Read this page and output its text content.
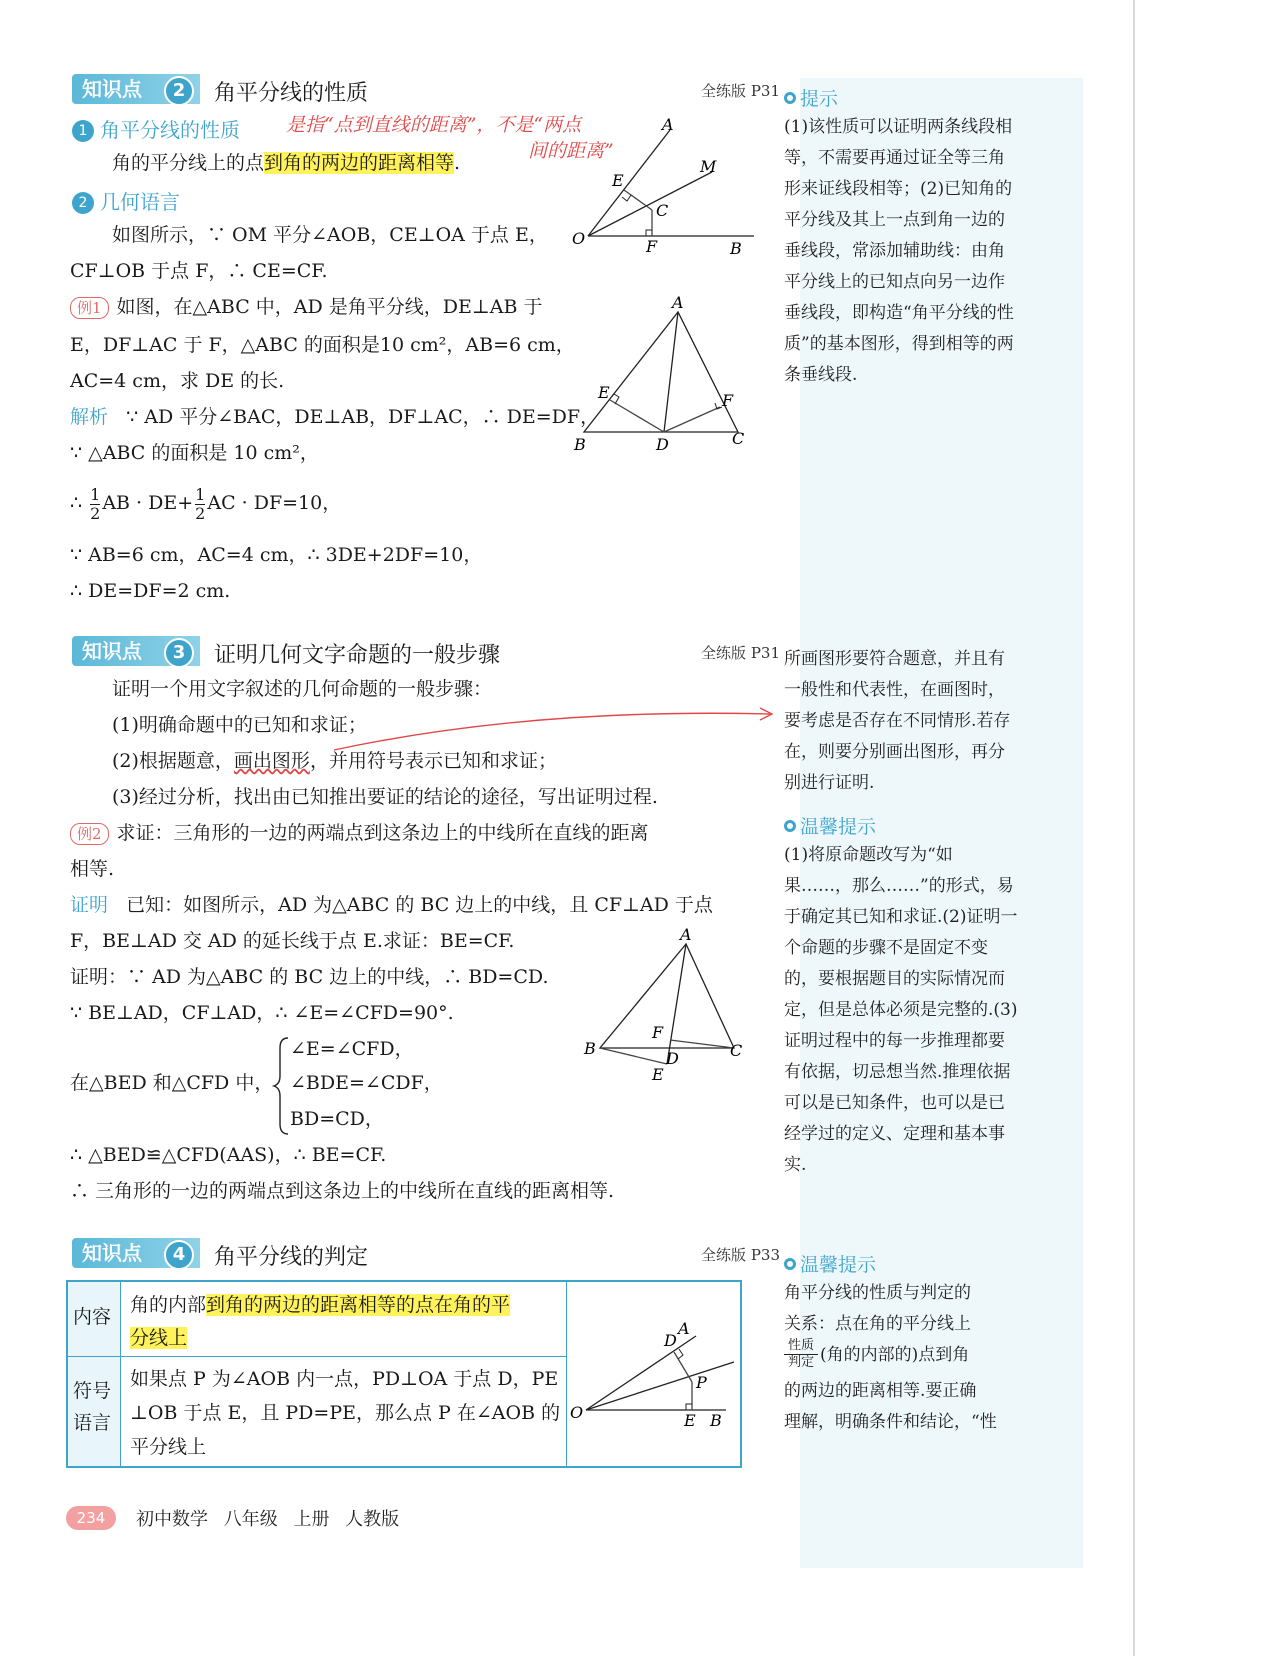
知识点	2	角平分线的性质	全练版 P31
1 角平分线的性质 是指“点到直线的距离”，不是“两点
间的距离”
角的平分线上的点到角的两边的距离相等.
2 几何语言
如图所示，∵ OM 平分∠AOB，CE⊥OA 于点 E，
CF⊥OB 于点 F，∴ CE=CF.
例1 如图，在△ABC 中，AD 是角平分线，DE⊥AB 于
E，DF⊥AC 于 F，△ABC 的面积是10 cm²，AB=6 cm，
AC=4 cm，求 DE 的长.
解析 ∵ AD 平分∠BAC，DE⊥AB，DF⊥AC，∴ DE=DF，
∵ △ABC 的面积是 10 cm²，
∴ $\frac{1}{2}$ AB · $DE+ \frac{1}{2}$ AC · DF=10，
∵ AB=6 cm，AC=4 cm，∴ 3DE+2DF=10，
∴ DE=DF=2 cm.
A
M
E
C
O	F	B
A
E	F
B	D	C
提示
(1)该性质可以证明两条线段相等，不需要再通过证全等三角形来证线段相等；(2)已知角的平分线及其上一点到角一边的垂线段，常添加辅助线：由角平分线上的已知点向另一边作垂线段，即构造“角平分线的性质”的基本图形，得到相等的两条垂线段.
知识点	3	证明几何文字命题的一般步骤	全练版 P31
证明一个用文字叙述的几何命题的一般步骤：
(1)明确命题中的已知和求证；
(2)根据题意，画出图形，并用符号表示已知和求证；
(3)经过分析，找出由已知推出要证的结论的途径，写出证明过程.
例2 求证：三角形的一边的两端点到这条边上的中线所在直线的距离
相等.
证明 已知：如图所示，AD 为△ABC 的 BC 边上的中线，且 CF⊥AD 于点
F，BE⊥AD 交 AD 的延长线于点 E.求证：BE=CF.
证明：∵ AD 为△ABC 的 BC 边上的中线，∴ BD=CD.
∵ BE⊥AD，CF⊥AD，∴ ∠E=∠CFD=90°.
在△BED 和△CFD 中，
∠E=∠CFD，
∠BDE=∠CDF，
BD=CD，
∴ △BED≌△CFD(AAS)，∴ BE=CF.
∴ 三角形的一边的两端点到这条边上的中线所在直线的距离相等.
A
B
F
D	C
E
所画图形要符合题意，并且有一般性和代表性，在画图时，要考虑是否存在不同情形.若存在，则要分别画出图形，再分别进行证明.
温馨提示
(1)将原命题改写为“如果……，那么……”的形式，易于确定其已知和求证.(2)证明一个命题的步骤不是固定不变的，要根据题目的实际情况而定，但是总体必须是完整的.(3)证明过程中的每一步推理都要有依据，切忌想当然.推理依据可以是已知条件，也可以是已经学过的定义、定理和基本事实.
知识点	4	角平分线的判定	全练版 P33
内容
角的内部到角的两边的距离相等的点在角的平
分线上
符号
语言
如果点 P 为∠AOB 内一点，PD⊥OA 于点 D，PE
⊥OB 于点 E，且 PD=PE，那么点 P 在∠AOB 的
平分线上
D
A
P
O	E B
温馨提示
角平分线的性质与判定的
关系：点在角的平分线上
性质
判定 (角的内部的)点到角
的两边的距离相等.要正确
理解，明确条件和结论，“性
234	初中数学 八年级 上册 人教版
